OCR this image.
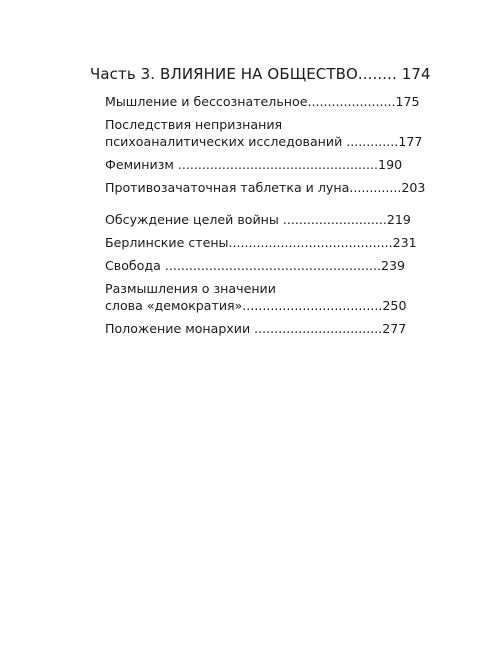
Часть 3. ВЛИЯНИЕ НА ОБЩЕСТВО........ 174
Мышление и бессознательное......................175
Последствия непризнания
психоаналитических исследований .............177
Феминизм ..................................................190
Противозачаточная таблетка и луна.............203
Обсуждение целей войны ..........................219
Берлинские стены.........................................231
Свобода ......................................................239
Размышления о значении
слова «демократия»...................................250
Положение монархии ................................277
